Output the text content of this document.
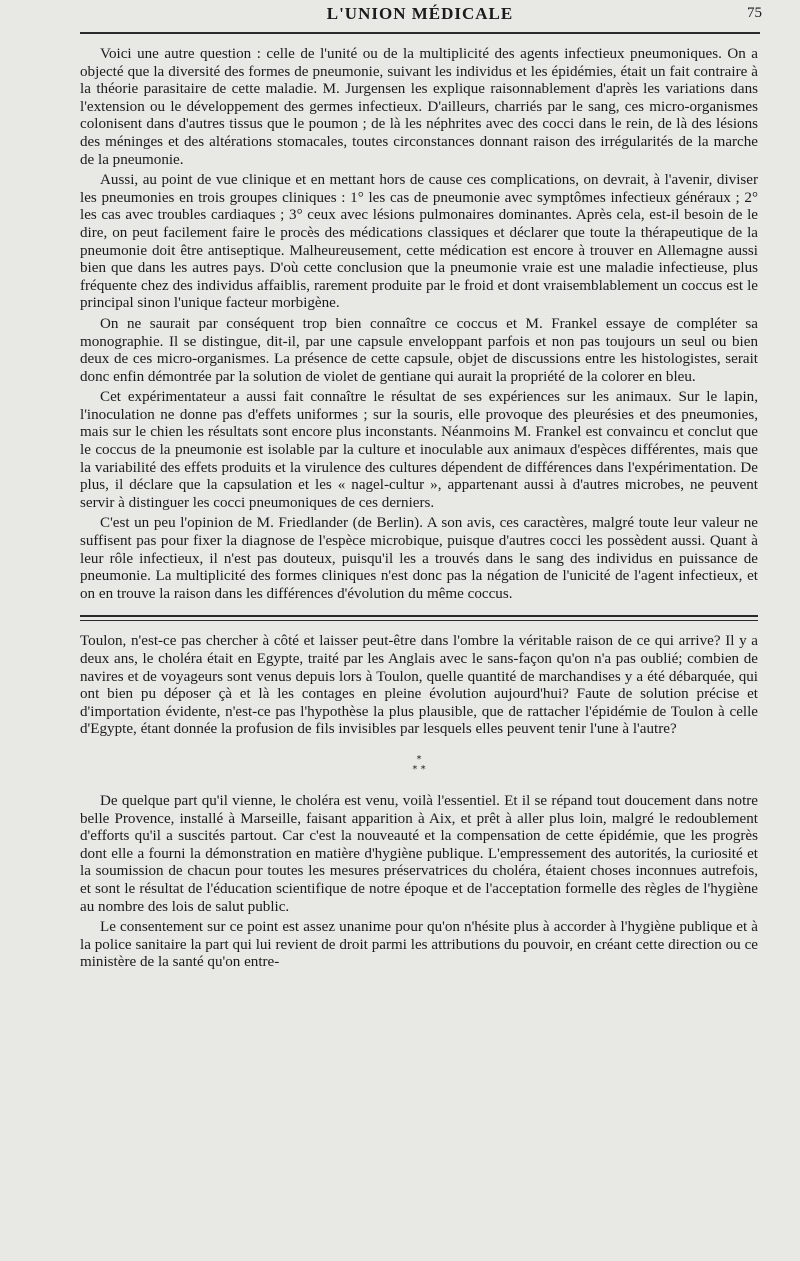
L'UNION MÉDICALE	75

Voici une autre question : celle de l'unité ou de la multiplicité des agents infectieux pneumoniques. On a objecté que la diversité des formes de pneumonie, suivant les individus et les épidémies, était un fait contraire à la théorie parasitaire de cette maladie. M. Jurgensen les explique raisonnablement d'après les variations dans l'extension ou le développement des germes infectieux. D'ailleurs, charriés par le sang, ces micro-organismes colonisent dans d'autres tissus que le poumon ; de là les néphrites avec des cocci dans le rein, de là des lésions des méninges et des altérations stomacales, toutes circonstances donnant raison des irrégularités de la marche de la pneumonie.

Aussi, au point de vue clinique et en mettant hors de cause ces complications, on devrait, à l'avenir, diviser les pneumonies en trois groupes cliniques : 1° les cas de pneumonie avec symptômes infectieux généraux ; 2° les cas avec troubles cardiaques ; 3° ceux avec lésions pulmonaires dominantes. Après cela, est-il besoin de le dire, on peut facilement faire le procès des médications classiques et déclarer que toute la thérapeutique de la pneumonie doit être antiseptique. Malheureusement, cette médication est encore à trouver en Allemagne aussi bien que dans les autres pays. D'où cette conclusion que la pneumonie vraie est une maladie infectieuse, plus fréquente chez des individus affaiblis, rarement produite par le froid et dont vraisemblablement un coccus est le principal sinon l'unique facteur morbigène.

On ne saurait par conséquent trop bien connaître ce coccus et M. Frankel essaye de compléter sa monographie. Il se distingue, dit-il, par une capsule enveloppant parfois et non pas toujours un seul ou bien deux de ces micro-organismes. La présence de cette capsule, objet de discussions entre les histologistes, serait donc enfin démontrée par la solution de violet de gentiane qui aurait la propriété de la colorer en bleu.

Cet expérimentateur a aussi fait connaître le résultat de ses expériences sur les animaux. Sur le lapin, l'inoculation ne donne pas d'effets uniformes ; sur la souris, elle provoque des pleurésies et des pneumonies, mais sur le chien les résultats sont encore plus inconstants. Néanmoins M. Frankel est convaincu et conclut que le coccus de la pneumonie est isolable par la culture et inoculable aux animaux d'espèces différentes, mais que la variabilité des effets produits et la virulence des cultures dépendent de différences dans l'expérimentation. De plus, il déclare que la capsulation et les « nagel-cultur », appartenant aussi à d'autres microbes, ne peuvent servir à distinguer les cocci pneumoniques de ces derniers.

C'est un peu l'opinion de M. Friedlander (de Berlin). A son avis, ces caractères, malgré toute leur valeur ne suffisent pas pour fixer la diagnose de l'espèce microbique, puisque d'autres cocci les possèdent aussi. Quant à leur rôle infectieux, il n'est pas douteux, puisqu'il les a trouvés dans le sang des individus en puissance de pneumonie. La multiplicité des formes cliniques n'est donc pas la négation de l'unicité de l'agent infectieux, et on en trouve la raison dans les différences d'évolution du même coccus.

Toulon, n'est-ce pas chercher à côté et laisser peut-être dans l'ombre la véritable raison de ce qui arrive? Il y a deux ans, le choléra était en Egypte, traité par les Anglais avec le sans-façon qu'on n'a pas oublié; combien de navires et de voyageurs sont venus depuis lors à Toulon, quelle quantité de marchandises y a été débarquée, qui ont bien pu déposer çà et là les contages en pleine évolution aujourd'hui? Faute de solution précise et d'importation évidente, n'est-ce pas l'hypothèse la plus plausible, que de rattacher l'épidémie de Toulon à celle d'Egypte, étant donnée la profusion de fils invisibles par lesquels elles peuvent tenir l'une à l'autre?

*
* *

De quelque part qu'il vienne, le choléra est venu, voilà l'essentiel. Et il se répand tout doucement dans notre belle Provence, installé à Marseille, faisant apparition à Aix, et prêt à aller plus loin, malgré le redoublement d'efforts qu'il a suscités partout. Car c'est la nouveauté et la compensation de cette épidémie, que les progrès dont elle a fourni la démonstration en matière d'hygiène publique. L'empressement des autorités, la curiosité et la soumission de chacun pour toutes les mesures préservatrices du choléra, étaient choses inconnues autrefois, et sont le résultat de l'éducation scientifique de notre époque et de l'acceptation formelle des règles de l'hygiène au nombre des lois de salut public.

Le consentement sur ce point est assez unanime pour qu'on n'hésite plus à accorder à l'hygiène publique et à la police sanitaire la part qui lui revient de droit parmi les attributions du pouvoir, en créant cette direction ou ce ministère de la santé qu'on entre-
